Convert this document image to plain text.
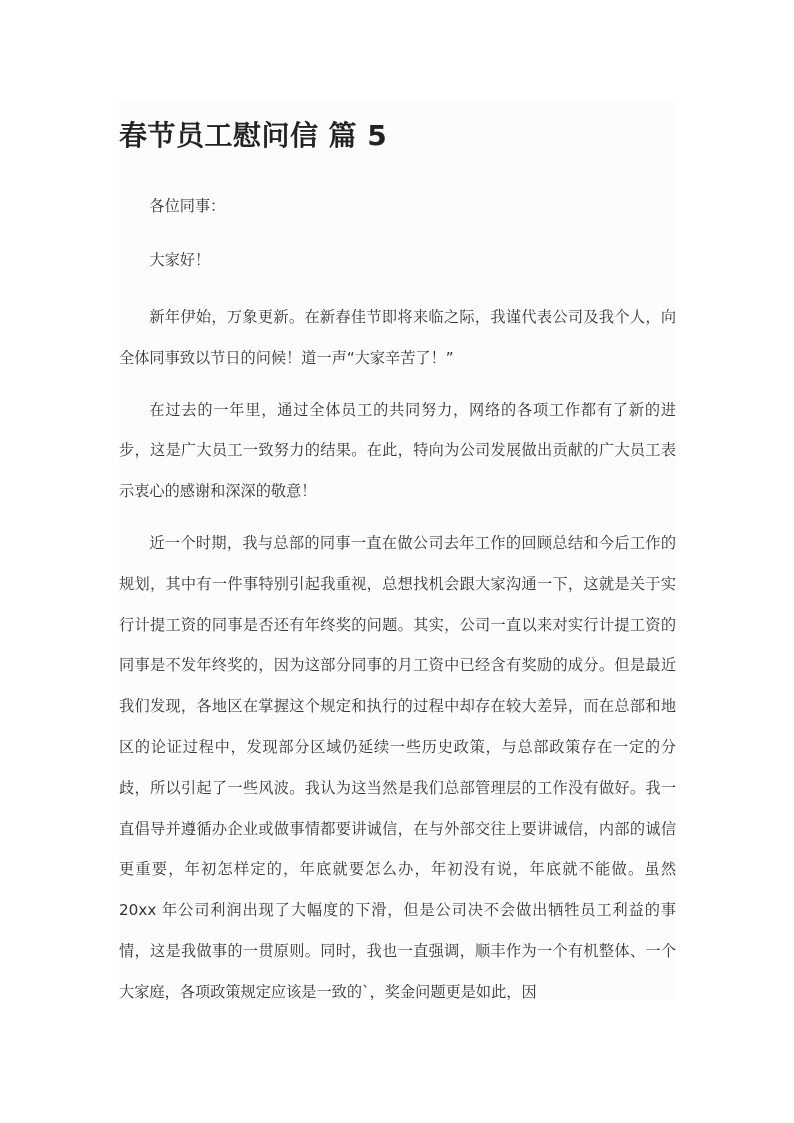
春节员工慰问信 篇 5

各位同事：

大家好！

新年伊始，万象更新。在新春佳节即将来临之际，我谨代表公司及我个人，向全体同事致以节日的问候！道一声“大家辛苦了！”

在过去的一年里，通过全体员工的共同努力，网络的各项工作都有了新的进步，这是广大员工一致努力的结果。在此，特向为公司发展做出贡献的广大员工表示衷心的感谢和深深的敬意！

近一个时期，我与总部的同事一直在做公司去年工作的回顾总结和今后工作的规划，其中有一件事特别引起我重视，总想找机会跟大家沟通一下，这就是关于实行计提工资的同事是否还有年终奖的问题。其实，公司一直以来对实行计提工资的同事是不发年终奖的，因为这部分同事的月工资中已经含有奖励的成分。但是最近我们发现，各地区在掌握这个规定和执行的过程中却存在较大差异，而在总部和地区的论证过程中，发现部分区域仍延续一些历史政策，与总部政策存在一定的分歧，所以引起了一些风波。我认为这当然是我们总部管理层的工作没有做好。我一直倡导并遵循办企业或做事情都要讲诚信，在与外部交往上要讲诚信，内部的诚信更重要，年初怎样定的，年底就要怎么办，年初没有说，年底就不能做。虽然 20xx 年公司利润出现了大幅度的下滑，但是公司决不会做出牺牲员工利益的事情，这是我做事的一贯原则。同时，我也一直强调，顺丰作为一个有机整体、一个大家庭，各项政策规定应该是一致的`，奖金问题更是如此，因
